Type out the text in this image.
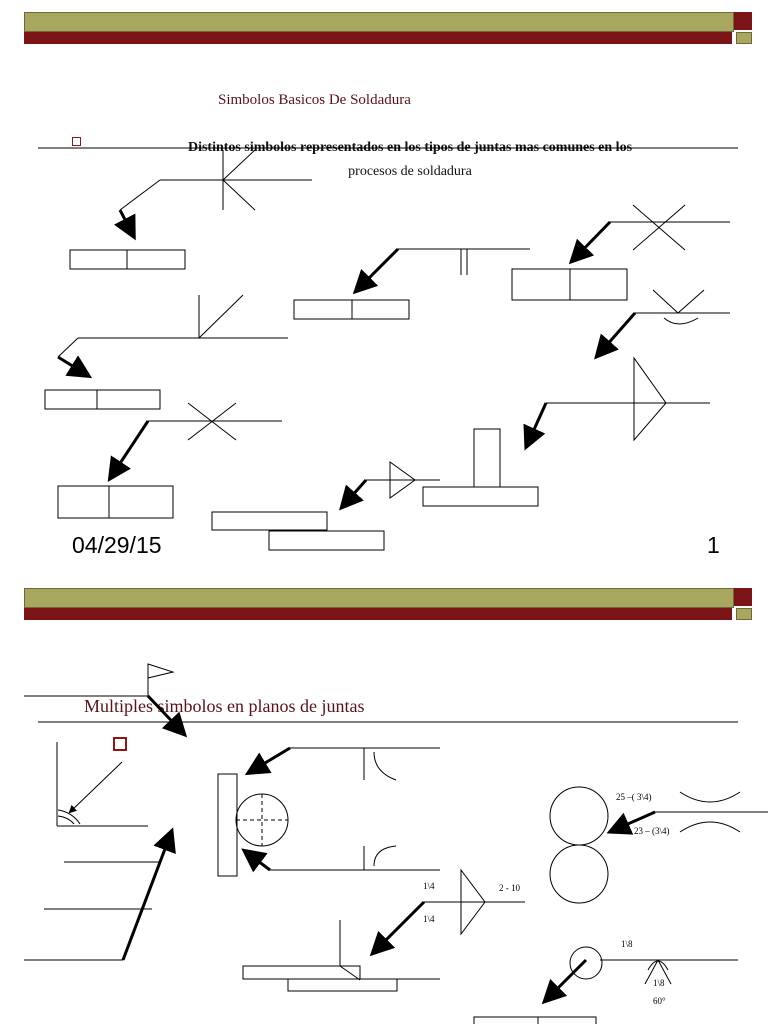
Simbolos Basicos De Soldadura
Distintos simbolos representados en los tipos de juntas mas comunes en los
procesos de soldadura
04/29/15	1
Multiples simbolos en planos de juntas
25 –( 3\4)
23 – (3\4)
1\4
1\4
2 - 10
1\8
1\8
60°
